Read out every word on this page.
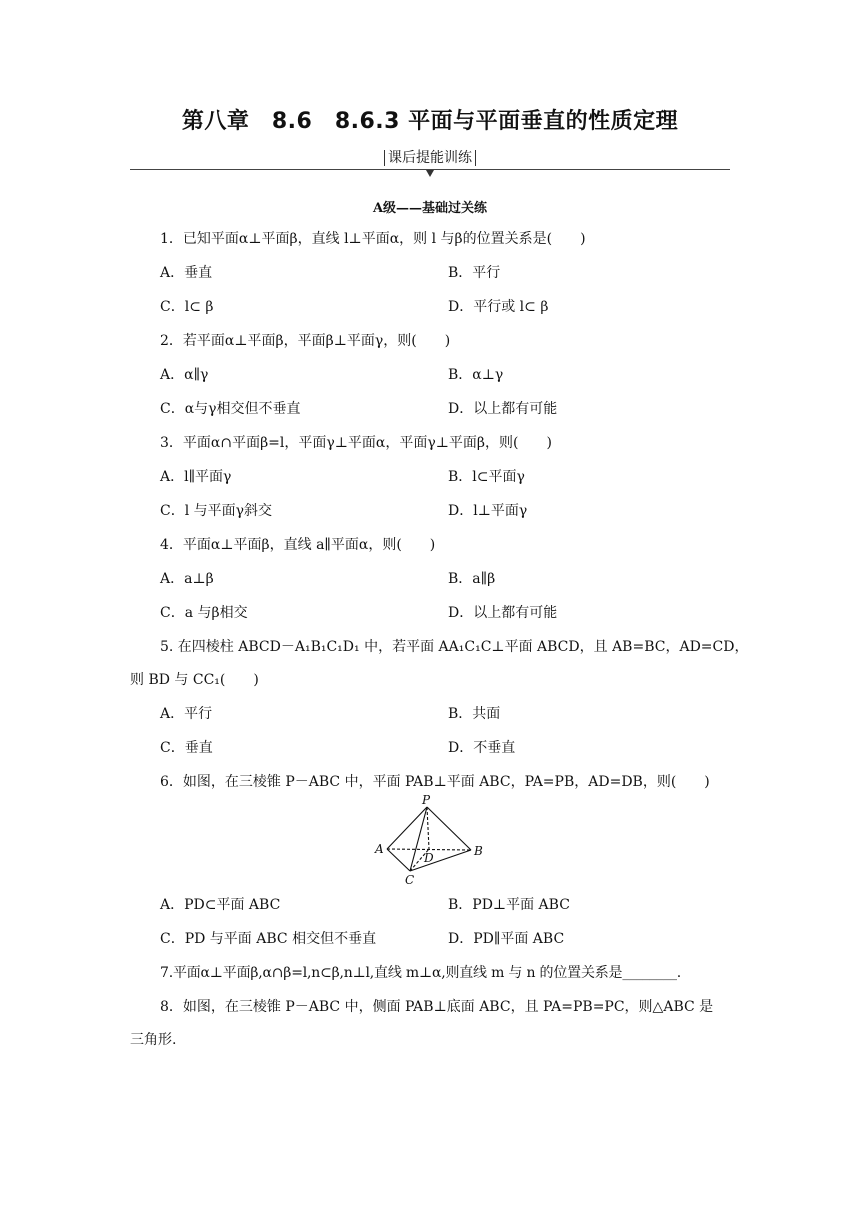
第八章　8.6　8.6.3 平面与平面垂直的性质定理
课后提能训练
A级——基础过关练
1．已知平面α⊥平面β，直线 l⊥平面α，则 l 与β的位置关系是(　　)
A．垂直	B．平行
C．l⊂ β	D．平行或 l⊂ β
2．若平面α⊥平面β，平面β⊥平面γ，则(　　)
A．α∥γ	B．α⊥γ
C．α与γ相交但不垂直	D．以上都有可能
3．平面α∩平面β=l，平面γ⊥平面α，平面γ⊥平面β，则(　　)
A．l∥平面γ	B．l⊂平面γ
C．l 与平面γ斜交	D．l⊥平面γ
4．平面α⊥平面β，直线 a∥平面α，则(　　)
A．a⊥β	B．a∥β
C．a 与β相交	D．以上都有可能
5. 在四棱柱 ABCD－A₁B₁C₁D₁ 中，若平面 AA₁C₁C⊥平面 ABCD，且 AB=BC，AD=CD，
则 BD 与 CC₁(　　)
A．平行	B．共面
C．垂直	D．不垂直
6．如图，在三棱锥 P－ABC 中，平面 PAB⊥平面 ABC，PA=PB，AD=DB，则(　　)
P
A	B
C
D
A．PD⊂平面 ABC	B．PD⊥平面 ABC
C．PD 与平面 ABC 相交但不垂直	D．PD∥平面 ABC
7.平面α⊥平面β,α∩β=l,n⊂β,n⊥l,直线 m⊥α,则直线 m 与 n 的位置关系是________.
8．如图，在三棱锥 P－ABC 中，侧面 PAB⊥底面 ABC，且 PA=PB=PC，则△ABC 是
三角形.
